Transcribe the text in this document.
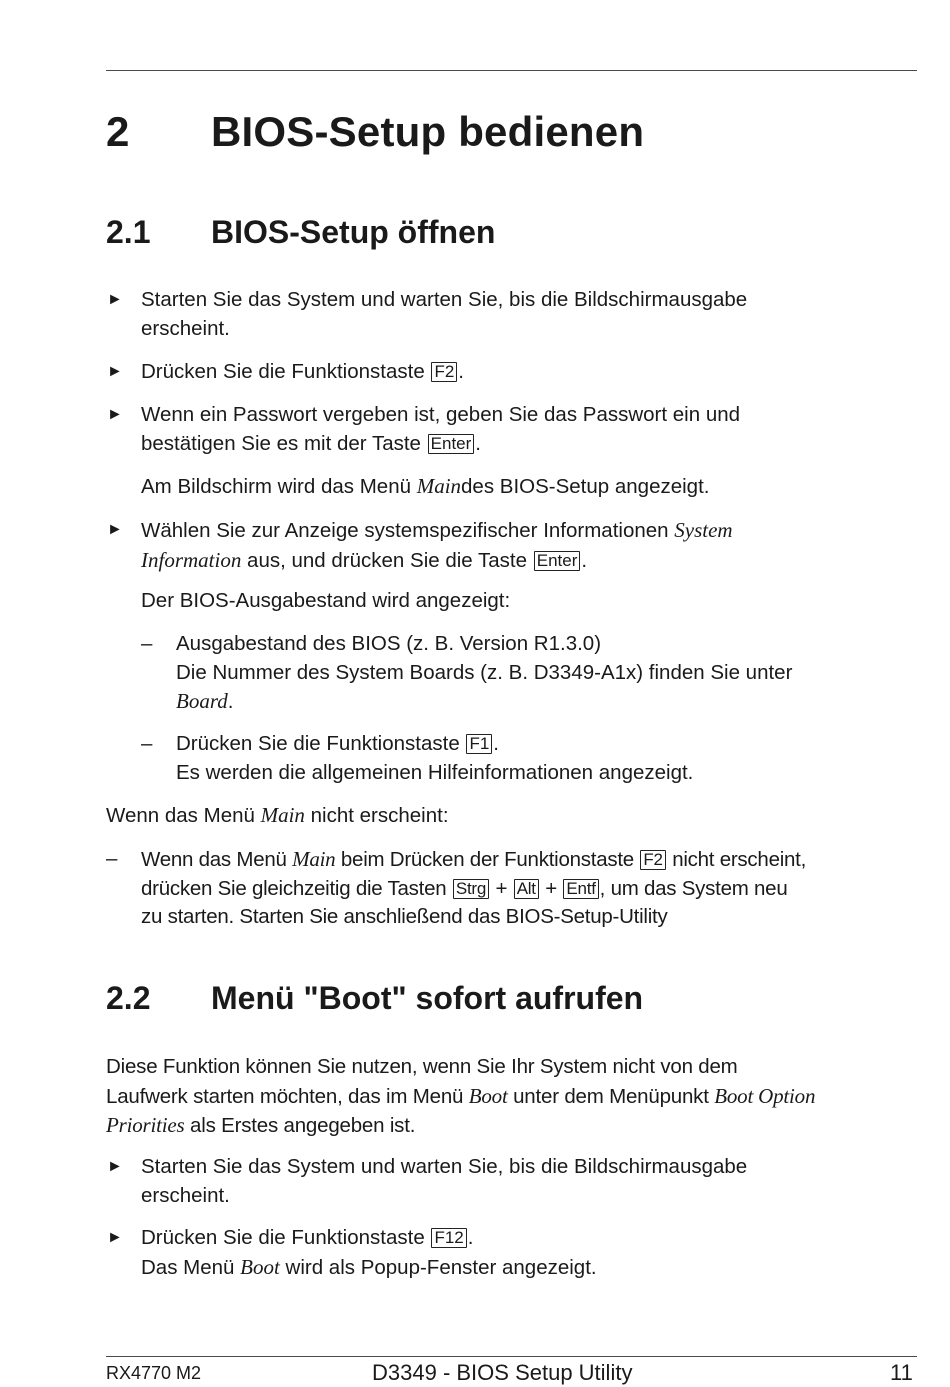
2 BIOS-Setup bedienen
2.1 BIOS-Setup öffnen
► Starten Sie das System und warten Sie, bis die Bildschirmausgabe
erscheint.
► Drücken Sie die Funktionstaste F2 .
► Wenn ein Passwort vergeben ist, geben Sie das Passwort ein und
bestätigen Sie es mit der Taste Enter .
Am Bildschirm wird das Menü Maindes BIOS-Setup angezeigt.
► Wählen Sie zur Anzeige systemspezifischer Informationen System
Information aus, und drücken Sie die Taste Enter .
Der BIOS-Ausgabestand wird angezeigt:
– Ausgabestand des BIOS (z. B. Version R1.3.0)
Die Nummer des System Boards (z. B. D3349-A1x) finden Sie unter
Board.
– Drücken Sie die Funktionstaste F1 .
Es werden die allgemeinen Hilfeinformationen angezeigt.
Wenn das Menü Main nicht erscheint:
– Wenn das Menü Main beim Drücken der Funktionstaste F2 nicht erscheint,
drücken Sie gleichzeitig die Tasten Strg + Alt + Entf , um das System neu
zu starten. Starten Sie anschließend das BIOS-Setup-Utility
2.2 Menü "Boot" sofort aufrufen
Diese Funktion können Sie nutzen, wenn Sie Ihr System nicht von dem
Laufwerk starten möchten, das im Menü Boot unter dem Menüpunkt Boot Option
Priorities als Erstes angegeben ist.
► Starten Sie das System und warten Sie, bis die Bildschirmausgabe
erscheint.
► Drücken Sie die Funktionstaste F12 .
Das Menü Boot wird als Popup-Fenster angezeigt.
RX4770 M2	D3349 - BIOS Setup Utility	11
